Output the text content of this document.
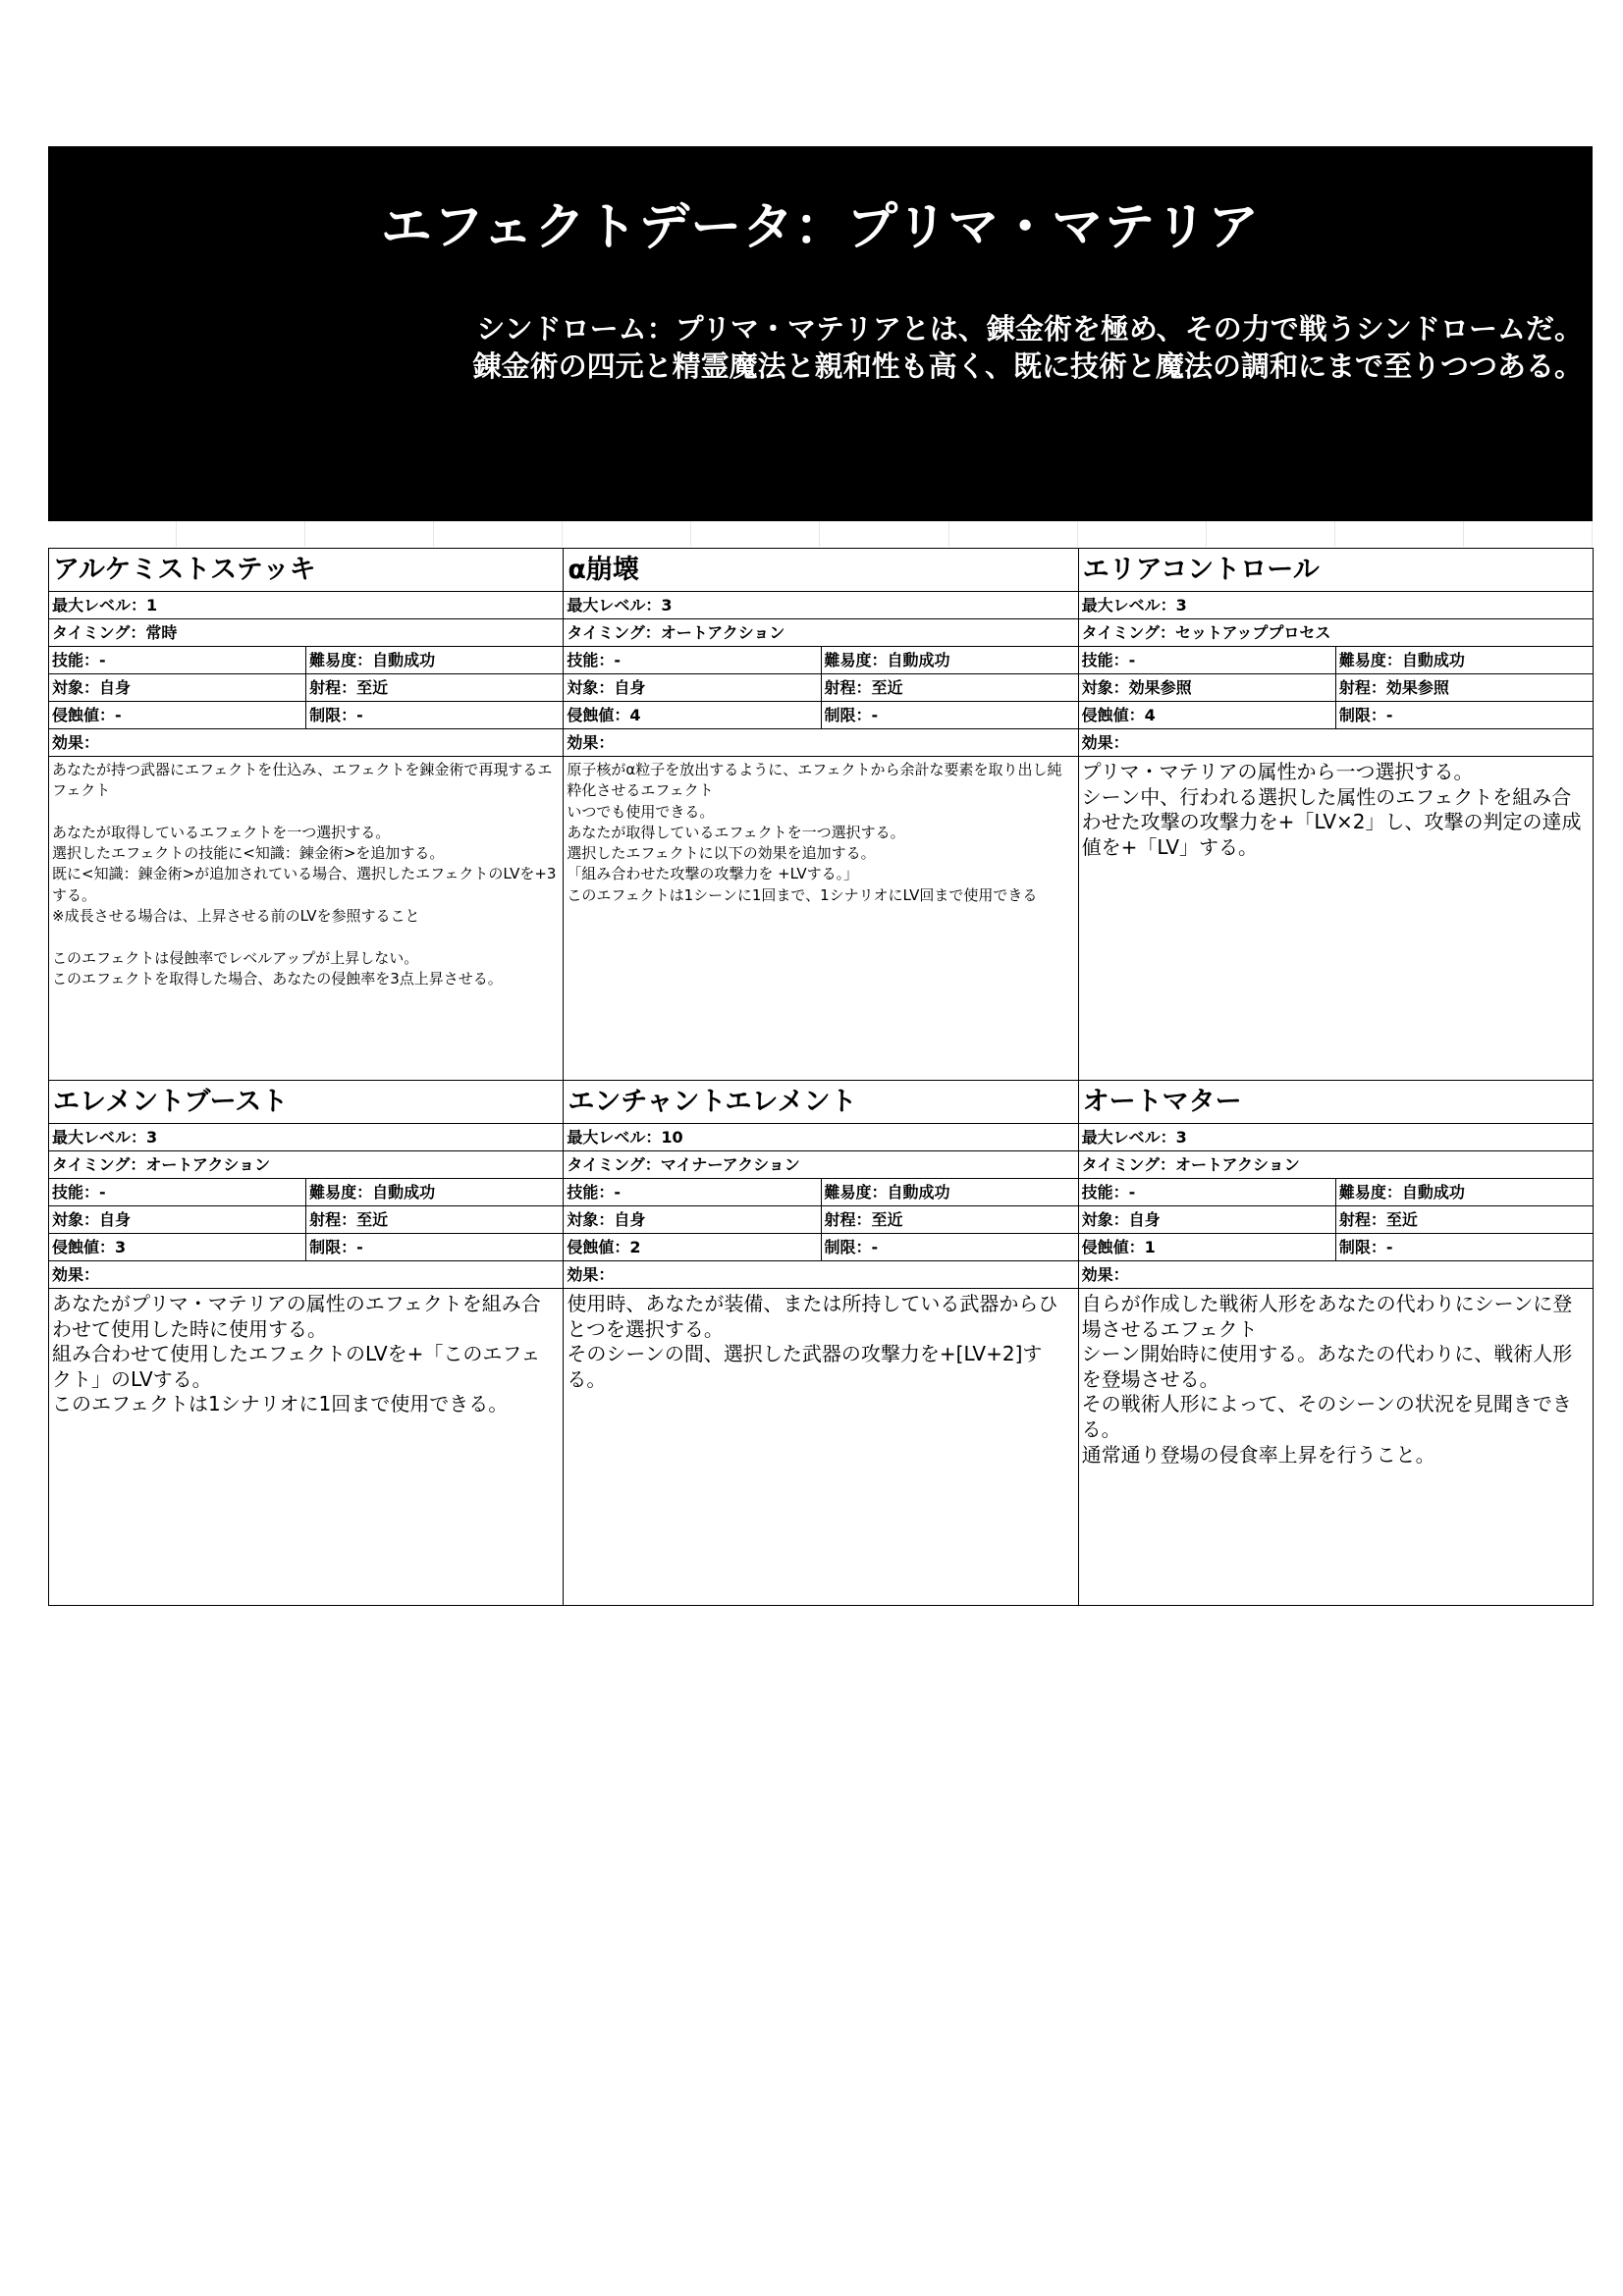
エフェクトデータ：プリマ・マテリア
シンドローム：プリマ・マテリアとは、錬金術を極め、その力で戦うシンドロームだ。
錬金術の四元と精霊魔法と親和性も高く、既に技術と魔法の調和にまで至りつつある。
アルケミストステッキ
最大レベル：1
タイミング：常時
技能：-	難易度：自動成功
対象：自身	射程：至近
侵蝕値：-	制限：-
効果：
あなたが持つ武器にエフェクトを仕込み、エフェクトを錬金術で再現するエフェクト

あなたが取得しているエフェクトを一つ選択する。
選択したエフェクトの技能に<知識：錬金術>を追加する。
既に<知識：錬金術>が追加されている場合、選択したエフェクトのLVを+3する。
※成長させる場合は、上昇させる前のLVを参照すること

このエフェクトは侵蝕率でレベルアップが上昇しない。
このエフェクトを取得した場合、あなたの侵蝕率を3点上昇させる。
α崩壊
最大レベル：3
タイミング：オートアクション
技能：-	難易度：自動成功
対象：自身	射程：至近
侵蝕値：4	制限：-
効果：
原子核がα粒子を放出するように、エフェクトから余計な要素を取り出し純粋化させるエフェクト
いつでも使用できる。
あなたが取得しているエフェクトを一つ選択する。
選択したエフェクトに以下の効果を追加する。
「組み合わせた攻撃の攻撃力を +LVする。」
このエフェクトは1シーンに1回まで、1シナリオにLV回まで使用できる
エリアコントロール
最大レベル：3
タイミング：セットアッププロセス
技能：-	難易度：自動成功
対象：効果参照	射程：効果参照
侵蝕値：4	制限：-
効果：
プリマ・マテリアの属性から一つ選択する。
シーン中、行われる選択した属性のエフェクトを組み合わせた攻撃の攻撃力を+「LV×2」し、攻撃の判定の達成値を+「LV」する。
エレメントブースト
最大レベル：3
タイミング：オートアクション
技能：-	難易度：自動成功
対象：自身	射程：至近
侵蝕値：3	制限：-
効果：
あなたがプリマ・マテリアの属性のエフェクトを組み合わせて使用した時に使用する。
組み合わせて使用したエフェクトのLVを+「このエフェクト」のLVする。
このエフェクトは1シナリオに1回まで使用できる。
エンチャントエレメント
最大レベル：10
タイミング：マイナーアクション
技能：-	難易度：自動成功
対象：自身	射程：至近
侵蝕値：2	制限：-
効果：
使用時、あなたが装備、または所持している武器からひとつを選択する。
そのシーンの間、選択した武器の攻撃力を+[LV+2]する。
オートマター
最大レベル：3
タイミング：オートアクション
技能：-	難易度：自動成功
対象：自身	射程：至近
侵蝕値：1	制限：-
効果：
自らが作成した戦術人形をあなたの代わりにシーンに登場させるエフェクト
シーン開始時に使用する。あなたの代わりに、戦術人形を登場させる。
その戦術人形によって、そのシーンの状況を見聞きできる。
通常通り登場の侵食率上昇を行うこと。
